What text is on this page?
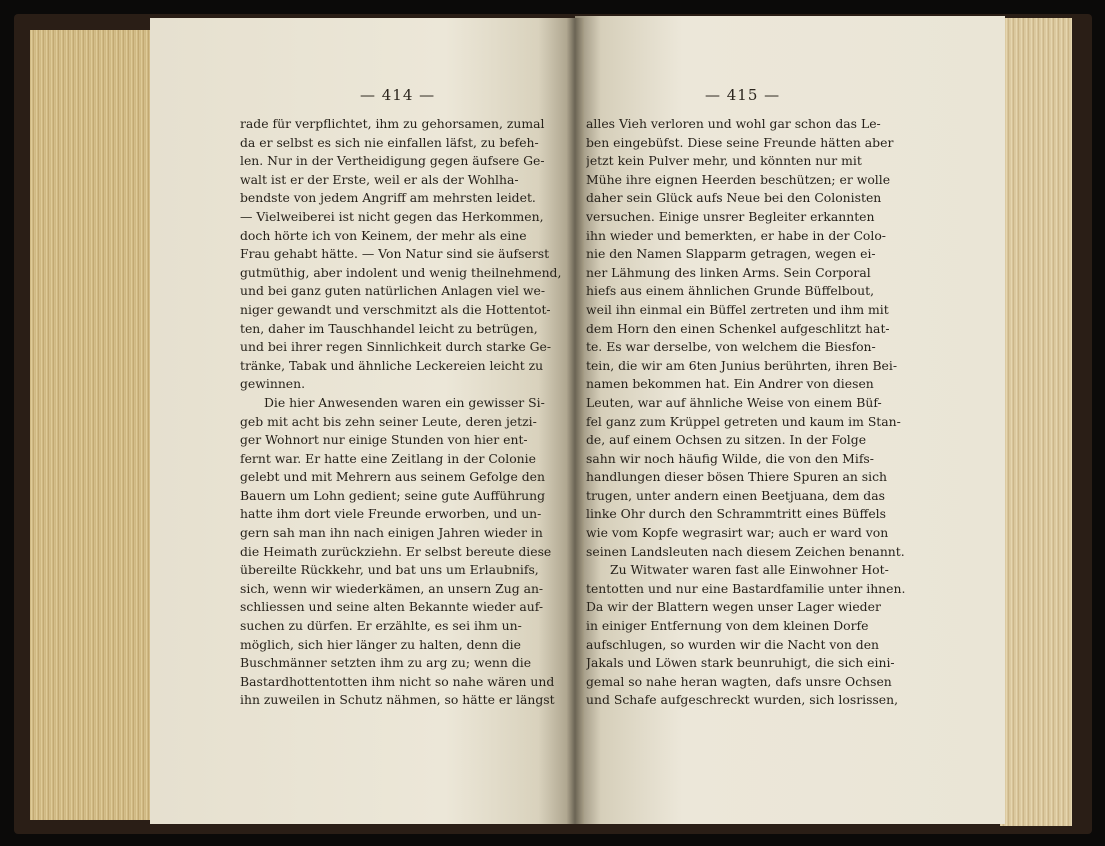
— 414 —	— 415 —
rade für verpflichtet, ihm zu gehorsamen, zumal
da er selbst es sich nie einfallen läfst, zu befeh-
len. Nur in der Vertheidigung gegen äufsere Ge-
walt ist er der Erste, weil er als der Wohlha-
bendste von jedem Angriff am mehrsten leidet.
— Vielweiberei ist nicht gegen das Herkommen,
doch hörte ich von Keinem, der mehr als eine
Frau gehabt hätte. — Von Natur sind sie äufserst
gutmüthig, aber indolent und wenig theilnehmend,
und bei ganz guten natürlichen Anlagen viel we-
niger gewandt und verschmitzt als die Hottentot-
ten, daher im Tauschhandel leicht zu betrügen,
und bei ihrer regen Sinnlichkeit durch starke Ge-
tränke, Tabak und ähnliche Leckereien leicht zu
gewinnen.
Die hier Anwesenden waren ein gewisser Si-
geb mit acht bis zehn seiner Leute, deren jetzi-
ger Wohnort nur einige Stunden von hier ent-
fernt war. Er hatte eine Zeitlang in der Colonie
gelebt und mit Mehrern aus seinem Gefolge den
Bauern um Lohn gedient; seine gute Aufführung
hatte ihm dort viele Freunde erworben, und un-
gern sah man ihn nach einigen Jahren wieder in
die Heimath zurückziehn. Er selbst bereute diese
übereilte Rückkehr, und bat uns um Erlaubnifs,
sich, wenn wir wiederkämen, an unsern Zug an-
schliessen und seine alten Bekannte wieder auf-
suchen zu dürfen. Er erzählte, es sei ihm un-
möglich, sich hier länger zu halten, denn die
Buschmänner setzten ihm zu arg zu; wenn die
Bastardhottentotten ihm nicht so nahe wären und
ihn zuweilen in Schutz nähmen, so hätte er längst
alles Vieh verloren und wohl gar schon das Le-
ben eingebüfst. Diese seine Freunde hätten aber
jetzt kein Pulver mehr, und könnten nur mit
Mühe ihre eignen Heerden beschützen; er wolle
daher sein Glück aufs Neue bei den Colonisten
versuchen. Einige unsrer Begleiter erkannten
ihn wieder und bemerkten, er habe in der Colo-
nie den Namen Slapparm getragen, wegen ei-
ner Lähmung des linken Arms. Sein Corporal
hiefs aus einem ähnlichen Grunde Büffelbout,
weil ihn einmal ein Büffel zertreten und ihm mit
dem Horn den einen Schenkel aufgeschlitzt hat-
te. Es war derselbe, von welchem die Biesfon-
tein, die wir am 6ten Junius berührten, ihren Bei-
namen bekommen hat. Ein Andrer von diesen
Leuten, war auf ähnliche Weise von einem Büf-
fel ganz zum Krüppel getreten und kaum im Stan-
de, auf einem Ochsen zu sitzen. In der Folge
sahn wir noch häufig Wilde, die von den Mifs-
handlungen dieser bösen Thiere Spuren an sich
trugen, unter andern einen Beetjuana, dem das
linke Ohr durch den Schrammtritt eines Büffels
wie vom Kopfe wegrasirt war; auch er ward von
seinen Landsleuten nach diesem Zeichen benannt.
Zu Witwater waren fast alle Einwohner Hot-
tentotten und nur eine Bastardfamilie unter ihnen.
Da wir der Blattern wegen unser Lager wieder
in einiger Entfernung von dem kleinen Dorfe
aufschlugen, so wurden wir die Nacht von den
Jakals und Löwen stark beunruhigt, die sich eini-
gemal so nahe heran wagten, dafs unsre Ochsen
und Schafe aufgeschreckt wurden, sich losrissen,
